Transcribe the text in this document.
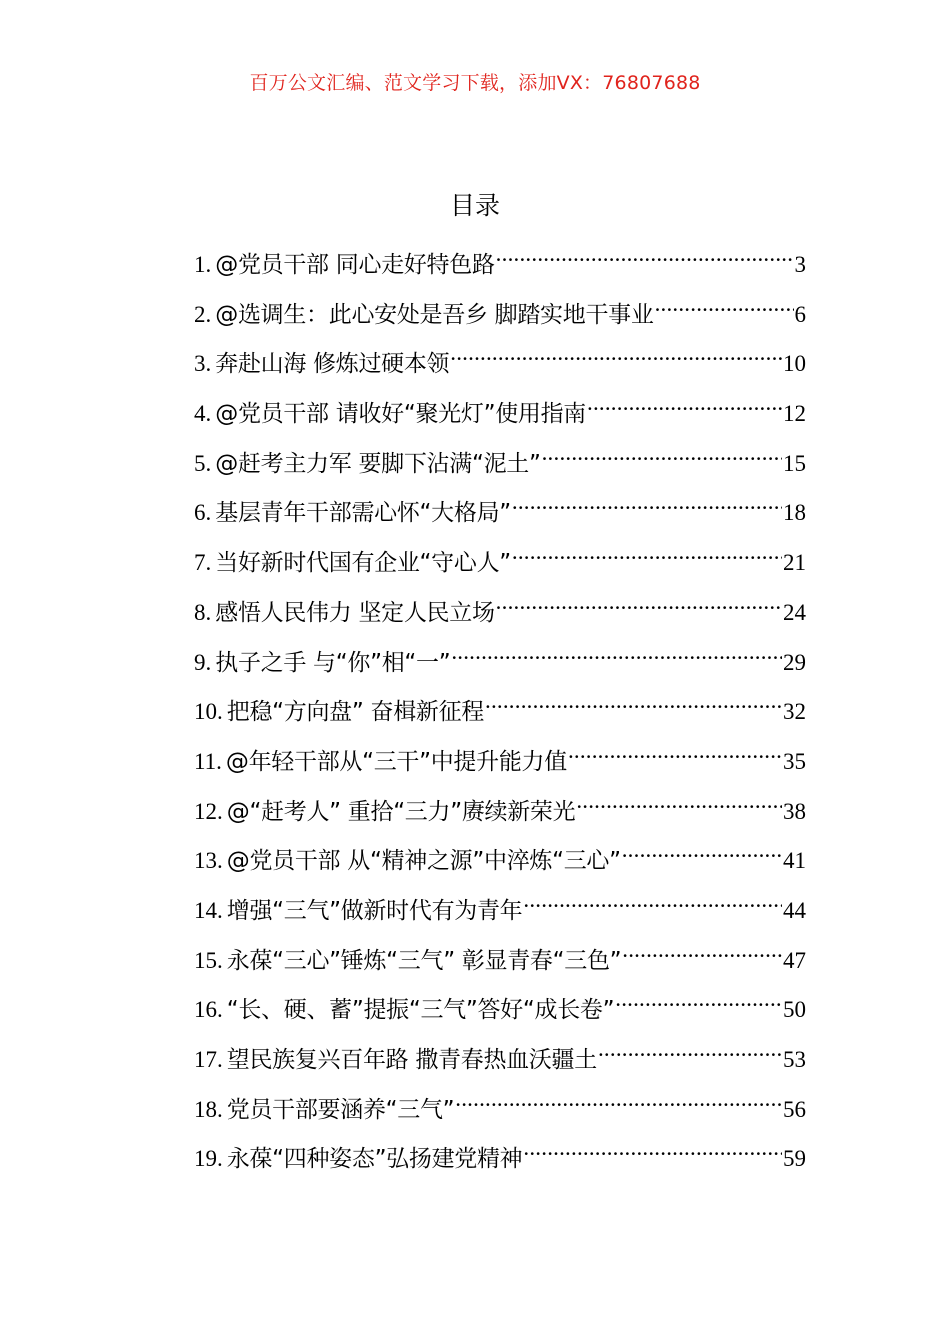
百万公文汇编、范文学习下载，添加VX：76807688
目录
1. @党员干部 同心走好特色路 .....	3
2. @选调生：此心安处是吾乡 脚踏实地干事业 .....	6
3. 奔赴山海 修炼过硬本领 .....	10
4. @党员干部 请收好“聚光灯”使用指南 .....	12
5. @赶考主力军 要脚下沾满“泥土” .....	15
6. 基层青年干部需心怀“大格局” .....	18
7. 当好新时代国有企业“守心人” .....	21
8. 感悟人民伟力 坚定人民立场 .....	24
9. 执子之手 与“你”相“一” .....	29
10. 把稳“方向盘” 奋楫新征程 .....	32
11. @年轻干部从“三干”中提升能力值 .....	35
12. @“赶考人” 重拾“三力”赓续新荣光 .....	38
13. @党员干部 从“精神之源”中淬炼“三心” .....	41
14. 增强“三气”做新时代有为青年 .....	44
15. 永葆“三心”锤炼“三气” 彰显青春“三色” .....	47
16. “长、硬、蓄”提振“三气”答好“成长卷” .....	50
17. 望民族复兴百年路 撒青春热血沃疆土 .....	53
18. 党员干部要涵养“三气” .....	56
19. 永葆“四种姿态”弘扬建党精神 .....	59
